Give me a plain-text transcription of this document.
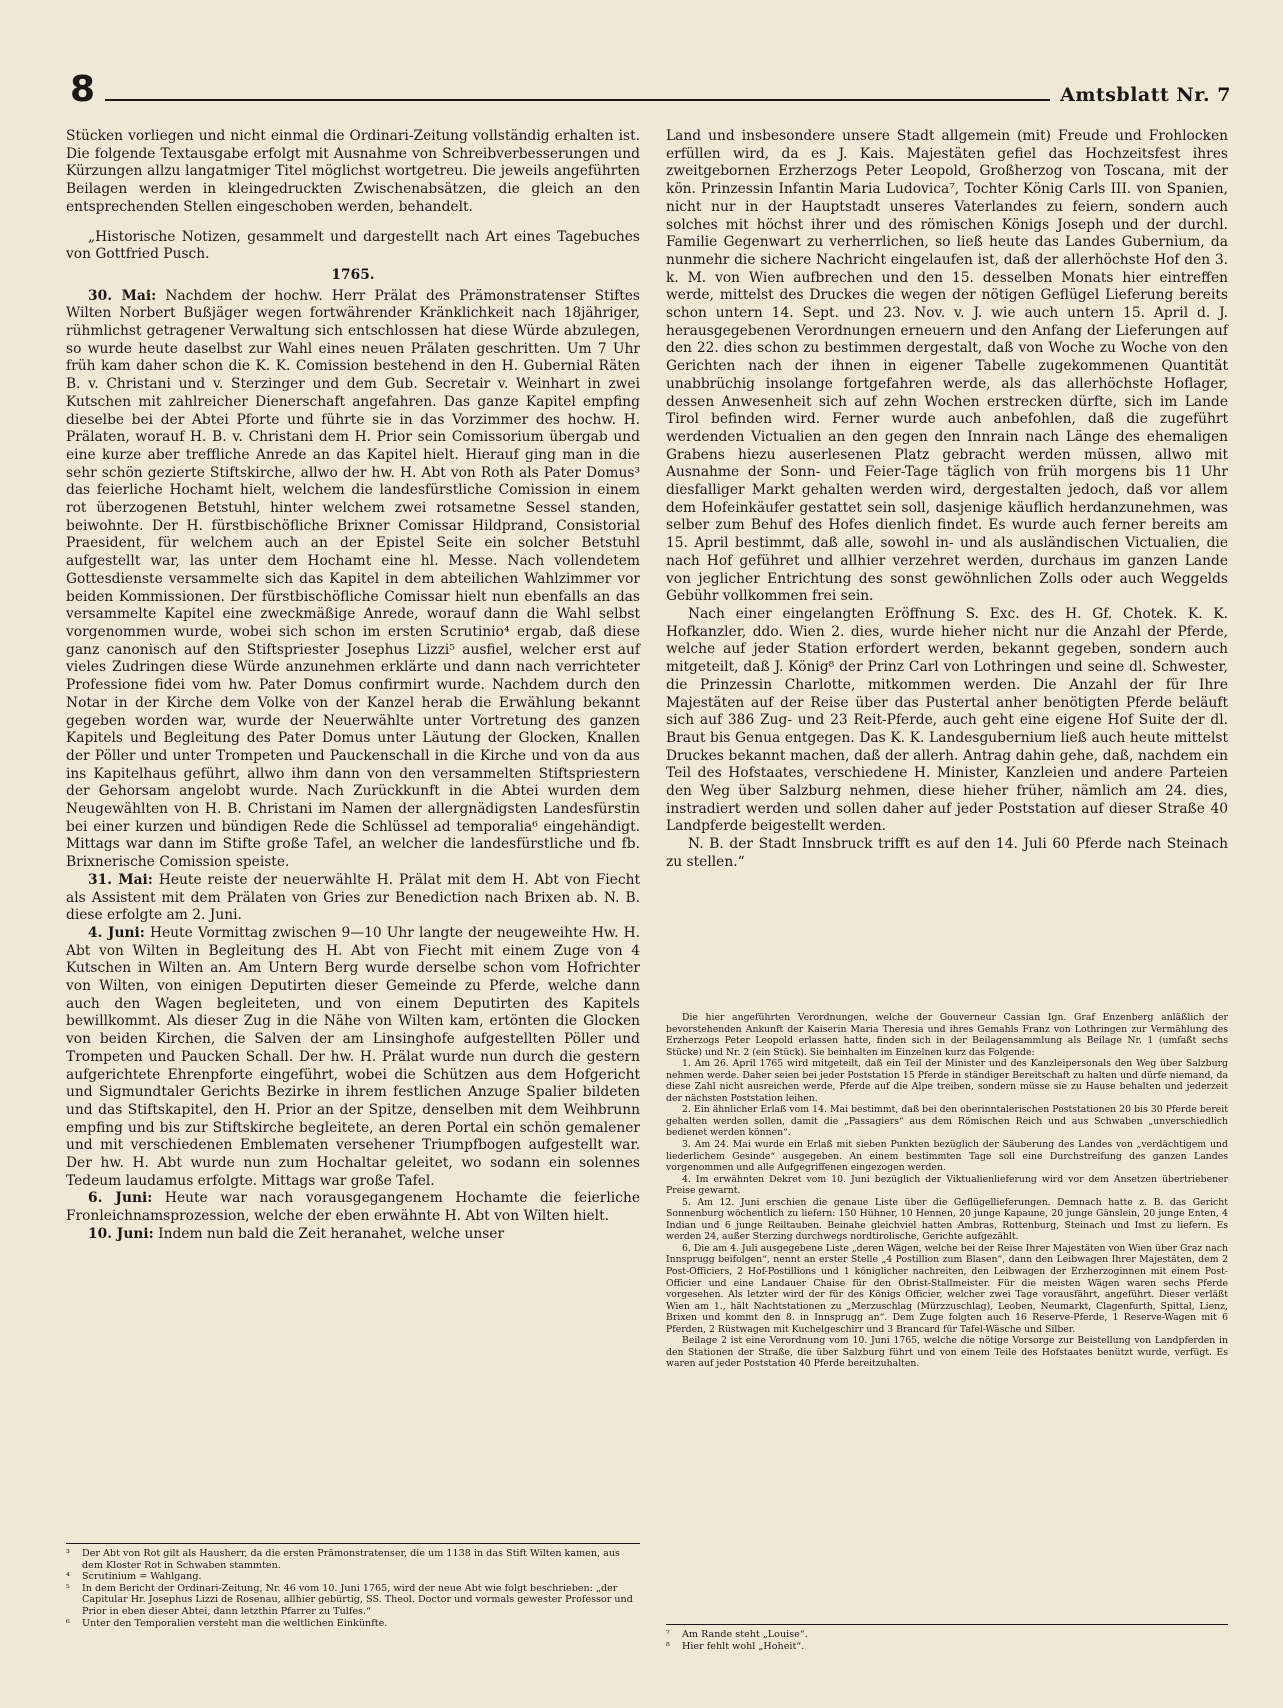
8	Amtsblatt Nr. 7

Stücken vorliegen und nicht einmal die Ordinari-Zeitung vollständig erhalten ist. Die folgende Textausgabe erfolgt mit Ausnahme von Schreibverbesserungen und Kürzungen allzu langatmiger Titel möglichst wortgetreu. Die jeweils angeführten Beilagen werden in kleingedruckten Zwischenabsätzen, die gleich an den entsprechenden Stellen eingeschoben werden, behandelt.

„Historische Notizen, gesammelt und dargestellt nach Art eines Tagebuches von Gottfried Pusch.

1765.

30. Mai: Nachdem der hochw. Herr Prälat des Prämonstratenser Stiftes Wilten Norbert Bußjäger wegen fortwährender Kränklichkeit nach 18jähriger, rühmlichst getragener Verwaltung sich entschlossen hat diese Würde abzulegen, so wurde heute daselbst zur Wahl eines neuen Prälaten geschritten. Um 7 Uhr früh kam daher schon die K. K. Comission bestehend in den H. Gubernial Räten B. v. Christani und v. Sterzinger und dem Gub. Secretair v. Weinhart in zwei Kutschen mit zahlreicher Dienerschaft angefahren. Das ganze Kapitel empfing dieselbe bei der Abtei Pforte und führte sie in das Vorzimmer des hochw. H. Prälaten, worauf H. B. v. Christani dem H. Prior sein Comissorium übergab und eine kurze aber treffliche Anrede an das Kapitel hielt. Hierauf ging man in die sehr schön gezierte Stiftskirche, allwo der hw. H. Abt von Roth als Pater Domus³ das feierliche Hochamt hielt, welchem die landesfürstliche Comission in einem rot überzogenen Betstuhl, hinter welchem zwei rotsametne Sessel standen, beiwohnte. Der H. fürstbischöfliche Brixner Comissar Hildprand, Consistorial Praesident, für welchem auch an der Epistel Seite ein solcher Betstuhl aufgestellt war, las unter dem Hochamt eine hl. Messe. Nach vollendetem Gottesdienste versammelte sich das Kapitel in dem abteilichen Wahlzimmer vor beiden Kommissionen. Der fürstbischöfliche Comissar hielt nun ebenfalls an das versammelte Kapitel eine zweckmäßige Anrede, worauf dann die Wahl selbst vorgenommen wurde, wobei sich schon im ersten Scrutinio⁴ ergab, daß diese ganz canonisch auf den Stiftspriester Josephus Lizzi⁵ ausfiel, welcher erst auf vieles Zudringen diese Würde anzunehmen erklärte und dann nach verrichteter Professione fidei vom hw. Pater Domus confirmirt wurde. Nachdem durch den Notar in der Kirche dem Volke von der Kanzel herab die Erwählung bekannt gegeben worden war, wurde der Neuerwählte unter Vortretung des ganzen Kapitels und Begleitung des Pater Domus unter Läutung der Glocken, Knallen der Pöller und unter Trompeten und Pauckenschall in die Kirche und von da aus ins Kapitelhaus geführt, allwo ihm dann von den versammelten Stiftspriestern der Gehorsam angelobt wurde. Nach Zurückkunft in die Abtei wurden dem Neugewählten von H. B. Christani im Namen der allergnädigsten Landesfürstin bei einer kurzen und bündigen Rede die Schlüssel ad temporalia⁶ eingehändigt. Mittags war dann im Stifte große Tafel, an welcher die landesfürstliche und fb. Brixnerische Comission speiste.

31. Mai: Heute reiste der neuerwählte H. Prälat mit dem H. Abt von Fiecht als Assistent mit dem Prälaten von Gries zur Benediction nach Brixen ab. N. B. diese erfolgte am 2. Juni.

4. Juni: Heute Vormittag zwischen 9—10 Uhr langte der neugeweihte Hw. H. Abt von Wilten in Begleitung des H. Abt von Fiecht mit einem Zuge von 4 Kutschen in Wilten an. Am Untern Berg wurde derselbe schon vom Hofrichter von Wilten, von einigen Deputirten dieser Gemeinde zu Pferde, welche dann auch den Wagen begleiteten, und von einem Deputirten des Kapitels bewillkommt. Als dieser Zug in die Nähe von Wilten kam, ertönten die Glocken von beiden Kirchen, die Salven der am Linsinghofe aufgestellten Pöller und Trompeten und Paucken Schall. Der hw. H. Prälat wurde nun durch die gestern aufgerichtete Ehrenpforte eingeführt, wobei die Schützen aus dem Hofgericht und Sigmundtaler Gerichts Bezirke in ihrem festlichen Anzuge Spalier bildeten und das Stiftskapitel, den H. Prior an der Spitze, denselben mit dem Weihbrunn empfing und bis zur Stiftskirche begleitete, an deren Portal ein schön gemalener und mit verschiedenen Emblematen versehener Triumpfbogen aufgestellt war. Der hw. H. Abt wurde nun zum Hochaltar geleitet, wo sodann ein solennes Tedeum laudamus erfolgte. Mittags war große Tafel.

6. Juni: Heute war nach vorausgegangenem Hochamte die feierliche Fronleichnamsprozession, welche der eben erwähnte H. Abt von Wilten hielt.

10. Juni: Indem nun bald die Zeit heranahet, welche unser

³	Der Abt von Rot gilt als Hausherr, da die ersten Prämonstratenser, die um 1138 in das Stift Wilten kamen, aus dem Kloster Rot in Schwaben stammten.
⁴	Scrutinium = Wahlgang.
⁵	In dem Bericht der Ordinari-Zeitung, Nr. 46 vom 10. Juni 1765, wird der neue Abt wie folgt beschrieben: „der Capitular Hr. Josephus Lizzi de Rosenau, allhier gebürtig, SS. Theol. Doctor und vormals gewester Professor und Prior in eben dieser Abtei, dann letzthin Pfarrer zu Tulfes.“
⁶	Unter den Temporalien versteht man die weltlichen Einkünfte.

Land und insbesondere unsere Stadt allgemein (mit) Freude und Frohlocken erfüllen wird, da es J. Kais. Majestäten gefiel das Hochzeitsfest ihres zweitgebornen Erzherzogs Peter Leopold, Großherzog von Toscana, mit der kön. Prinzessin Infantin Maria Ludovica⁷, Tochter König Carls III. von Spanien, nicht nur in der Hauptstadt unseres Vaterlandes zu feiern, sondern auch solches mit höchst ihrer und des römischen Königs Joseph und der durchl. Familie Gegenwart zu verherrlichen, so ließ heute das Landes Gubernium, da nunmehr die sichere Nachricht eingelaufen ist, daß der allerhöchste Hof den 3. k. M. von Wien aufbrechen und den 15. desselben Monats hier eintreffen werde, mittelst des Druckes die wegen der nötigen Geflügel Lieferung bereits schon untern 14. Sept. und 23. Nov. v. J. wie auch untern 15. April d. J. herausgegebenen Verordnungen erneuern und den Anfang der Lieferungen auf den 22. dies schon zu bestimmen dergestalt, daß von Woche zu Woche von den Gerichten nach der ihnen in eigener Tabelle zugekommenen Quantität unabbrüchig insolange fortgefahren werde, als das allerhöchste Hoflager, dessen Anwesenheit sich auf zehn Wochen erstrecken dürfte, sich im Lande Tirol befinden wird. Ferner wurde auch anbefohlen, daß die zugeführt werdenden Victualien an den gegen den Innrain nach Länge des ehemaligen Grabens hiezu auserlesenen Platz gebracht werden müssen, allwo mit Ausnahme der Sonn- und Feier-Tage täglich von früh morgens bis 11 Uhr diesfalliger Markt gehalten werden wird, dergestalten jedoch, daß vor allem dem Hofeinkäufer gestattet sein soll, dasjenige käuflich herdanzunehmen, was selber zum Behuf des Hofes dienlich findet. Es wurde auch ferner bereits am 15. April bestimmt, daß alle, sowohl in- und als ausländischen Victualien, die nach Hof geführet und allhier verzehret werden, durchaus im ganzen Lande von jeglicher Entrichtung des sonst gewöhnlichen Zolls oder auch Weggelds Gebühr vollkommen frei sein.

Nach einer eingelangten Eröffnung S. Exc. des H. Gf. Chotek. K. K. Hofkanzler, ddo. Wien 2. dies, wurde hieher nicht nur die Anzahl der Pferde, welche auf jeder Station erfordert werden, bekannt gegeben, sondern auch mitgeteilt, daß J. König⁸ der Prinz Carl von Lothringen und seine dl. Schwester, die Prinzessin Charlotte, mitkommen werden. Die Anzahl der für Ihre Majestäten auf der Reise über das Pustertal anher benötigten Pferde beläuft sich auf 386 Zug- und 23 Reit-Pferde, auch geht eine eigene Hof Suite der dl. Braut bis Genua entgegen. Das K. K. Landesgubernium ließ auch heute mittelst Druckes bekannt machen, daß der allerh. Antrag dahin gehe, daß, nachdem ein Teil des Hofstaates, verschiedene H. Minister, Kanzleien und andere Parteien den Weg über Salzburg nehmen, diese hieher früher, nämlich am 24. dies, instradiert werden und sollen daher auf jeder Poststation auf dieser Straße 40 Landpferde beigestellt werden.

N. B. der Stadt Innsbruck trifft es auf den 14. Juli 60 Pferde nach Steinach zu stellen.“

Die hier angeführten Verordnungen, welche der Gouverneur Cassian Ign. Graf Enzenberg anläßlich der bevorstehenden Ankunft der Kaiserin Maria Theresia und ihres Gemahls Franz von Lothringen zur Vermählung des Erzherzogs Peter Leopold erlassen hatte, finden sich in der Beilagensammlung als Beilage Nr. 1 (umfaßt sechs Stücke) und Nr. 2 (ein Stück). Sie beinhalten im Einzelnen kurz das Folgende:

1. Am 26. April 1765 wird mitgeteilt, daß ein Teil der Minister und des Kanzleipersonals den Weg über Salzburg nehmen werde. Daher seien bei jeder Poststation 15 Pferde in ständiger Bereitschaft zu halten und dürfe niemand, da diese Zahl nicht ausreichen werde, Pferde auf die Alpe treiben, sondern müsse sie zu Hause behalten und jederzeit der nächsten Poststation leihen.

2. Ein ähnlicher Erlaß vom 14. Mai bestimmt, daß bei den oberinntalerischen Poststationen 20 bis 30 Pferde bereit gehalten werden sollen, damit die „Passagiers“ aus dem Römischen Reich und aus Schwaben „unverschiedlich bedienet werden können“.

3. Am 24. Mai wurde ein Erlaß mit sieben Punkten bezüglich der Säuberung des Landes von „verdächtigem und liederlichem Gesinde“ ausgegeben. An einem bestimmten Tage soll eine Durchstreifung des ganzen Landes vorgenommen und alle Aufgegriffenen eingezogen werden.

4. Im erwähnten Dekret vom 10. Juni bezüglich der Viktualienlieferung wird vor dem Ansetzen übertriebener Preise gewarnt.

5. Am 12. Juni erschien die genaue Liste über die Geflügellieferungen. Demnach hatte z. B. das Gericht Sonnenburg wöchentlich zu liefern: 150 Hühner, 10 Hennen, 20 junge Kapaune, 20 junge Gänslein, 20 junge Enten, 4 Indian und 6 junge Reiltauben. Beinahe gleichviel hatten Ambras, Rottenburg, Steinach und Imst zu liefern. Es werden 24, außer Sterzing durchwegs nordtirolische, Gerichte aufgezählt.

6. Die am 4. Juli ausgegebene Liste „deren Wägen, welche bei der Reise Ihrer Majestäten von Wien über Graz nach Innsprugg beifolgen“, nennt an erster Stelle „4 Postillion zum Blasen“, dann den Leibwagen Ihrer Majestäten, dem 2 Post-Officiers, 2 Hof-Postillions und 1 königlicher nachreiten, den Leibwagen der Erzherzoginnen mit einem Post-Officier und eine Landauer Chaise für den Obrist-Stallmeister. Für die meisten Wägen waren sechs Pferde vorgesehen. Als letzter wird der für des Königs Officier, welcher zwei Tage vorausfährt, angeführt. Dieser verläßt Wien am 1., hält Nachtstationen zu „Merzuschlag (Mürzzuschlag), Leoben, Neumarkt, Clagenfurth, Spittal, Lienz, Brixen und kommt den 8. in Innsprugg an“. Dem Zuge folgten auch 16 Reserve-Pferde, 1 Reserve-Wagen mit 6 Pferden, 2 Rüstwagen mit Kuchelgeschirr und 3 Brancard für Tafel-Wäsche und Silber.

Beilage 2 ist eine Verordnung vom 10. Juni 1765, welche die nötige Vorsorge zur Beistellung von Landpferden in den Stationen der Straße, die über Salzburg führt und von einem Teile des Hofstaates benützt wurde, verfügt. Es waren auf jeder Poststation 40 Pferde bereitzuhalten.

⁷	Am Rande steht „Louise“.
⁸	Hier fehlt wohl „Hoheit“.
